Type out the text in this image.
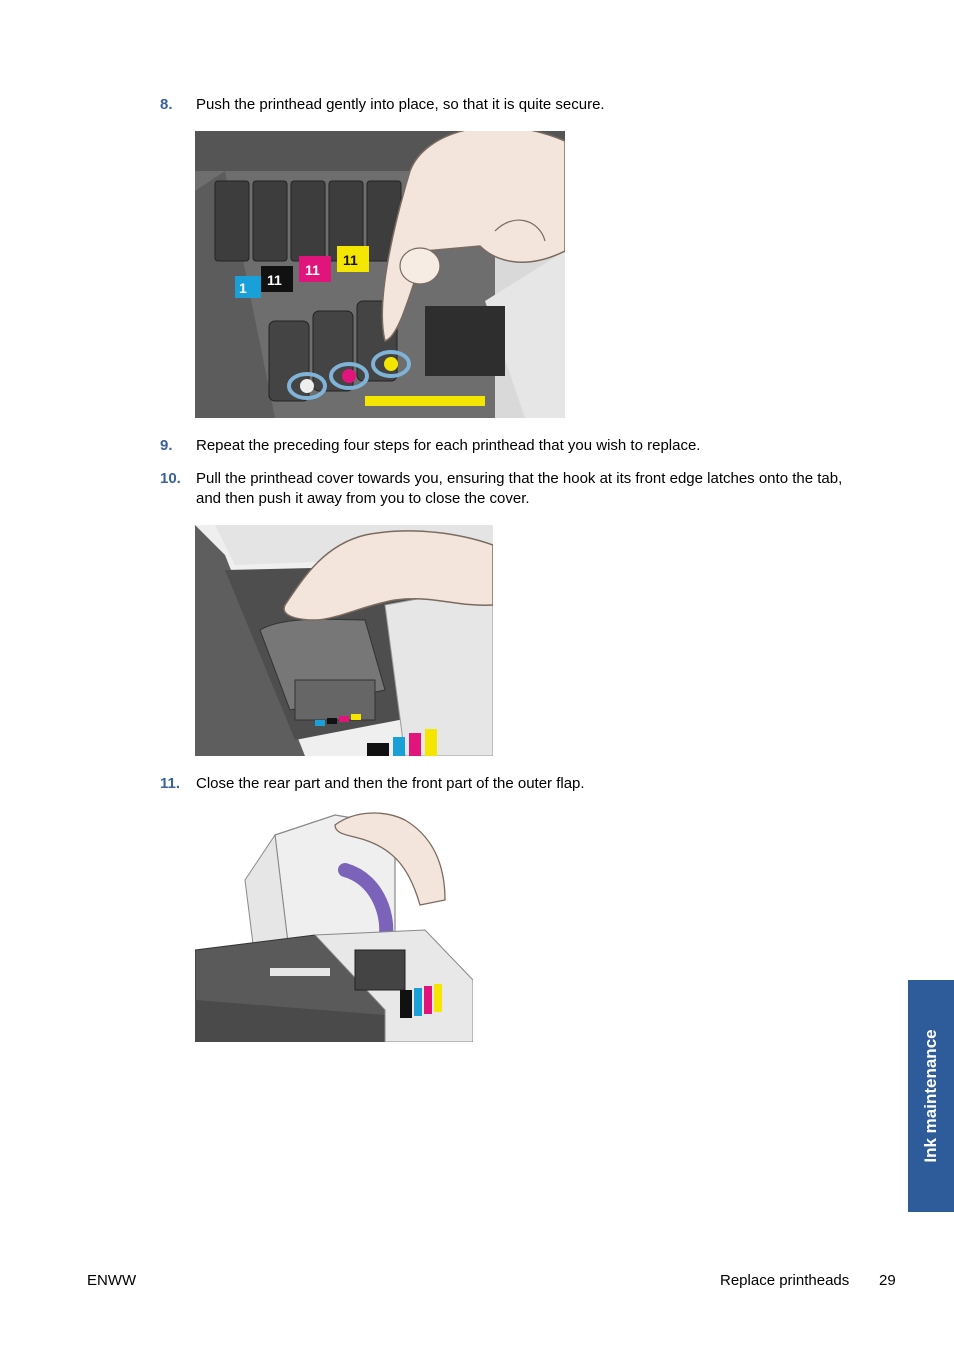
8. Push the printhead gently into place, so that it is quite secure.
1 11
11
11
9. Repeat the preceding four steps for each printhead that you wish to replace.
10. Pull the printhead cover towards you, ensuring that the hook at its front edge latches onto the tab, and then push it away from you to close the cover.
11. Close the rear part and then the front part of the outer flap.
Ink maintenance
ENWW	Replace printheads 29
